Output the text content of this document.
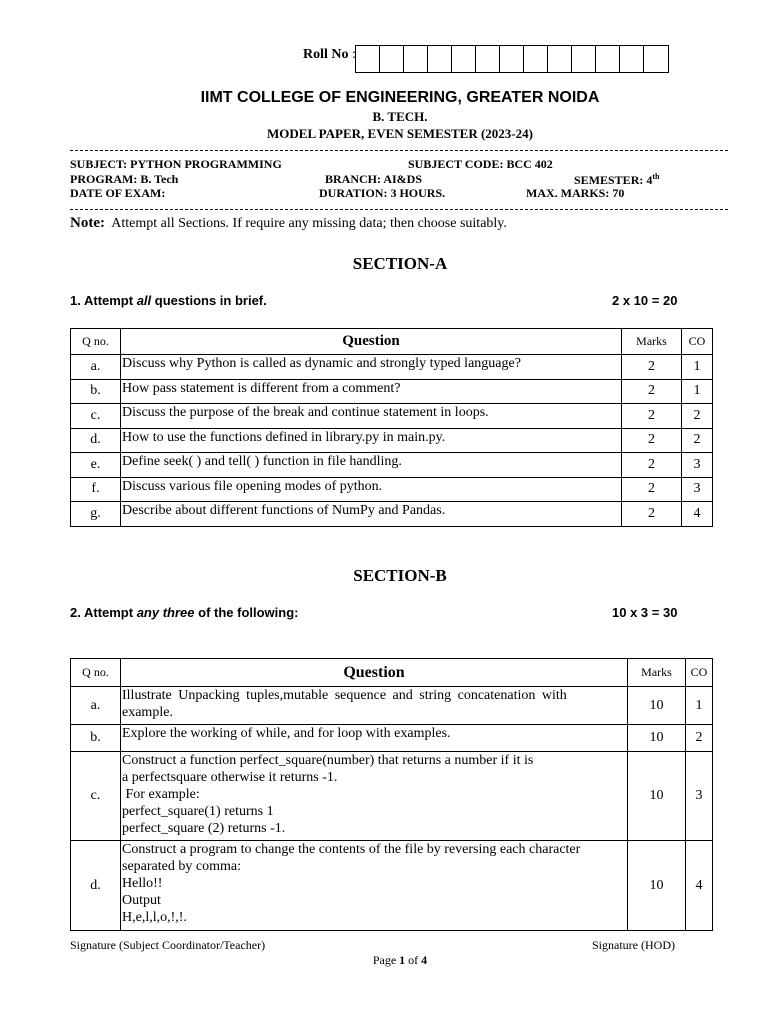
Roll No :
IIMT COLLEGE OF ENGINEERING, GREATER NOIDA
B. TECH.
MODEL PAPER, EVEN SEMESTER (2023-24)
SUBJECT: PYTHON PROGRAMMING	SUBJECT CODE: BCC 402
PROGRAM: B. Tech	BRANCH: AI&DS	SEMESTER: 4th
DATE OF EXAM:	DURATION: 3 HOURS.	MAX. MARKS: 70
Note: Attempt all Sections. If require any missing data; then choose suitably.
SECTION-A
1. Attempt all questions in brief.	2 x 10 = 20
Q no.	Question	Marks	CO
a.	Discuss why Python is called as dynamic and strongly typed language?	2	1
b.	How pass statement is different from a comment?	2	1
c.	Discuss the purpose of the break and continue statement in loops.	2	2
d.	How to use the functions defined in library.py in main.py.	2	2
e.	Define seek( ) and tell( ) function in file handling.	2	3
f.	Discuss various file opening modes of python.	2	3
g.	Describe about different functions of NumPy and Pandas.	2	4
SECTION-B
2. Attempt any three of the following:	10 x 3 = 30
Q no.	Question	Marks	CO
a.	Illustrate Unpacking tuples,mutable sequence and string concatenation with
example.	10	1
b.	Explore the working of while, and for loop with examples.	10	2
c.	Construct a function perfect_square(number) that returns a number if it is
a perfectsquare otherwise it returns -1.
For example:
perfect_square(1) returns 1
perfect_square (2) returns -1.	10	3
d.	Construct a program to change the contents of the file by reversing each character
separated by comma:
Hello!!
Output
H,e,l,l,o,!,!.	10	4
Signature (Subject Coordinator/Teacher)	Signature (HOD)
Page 1 of 4
